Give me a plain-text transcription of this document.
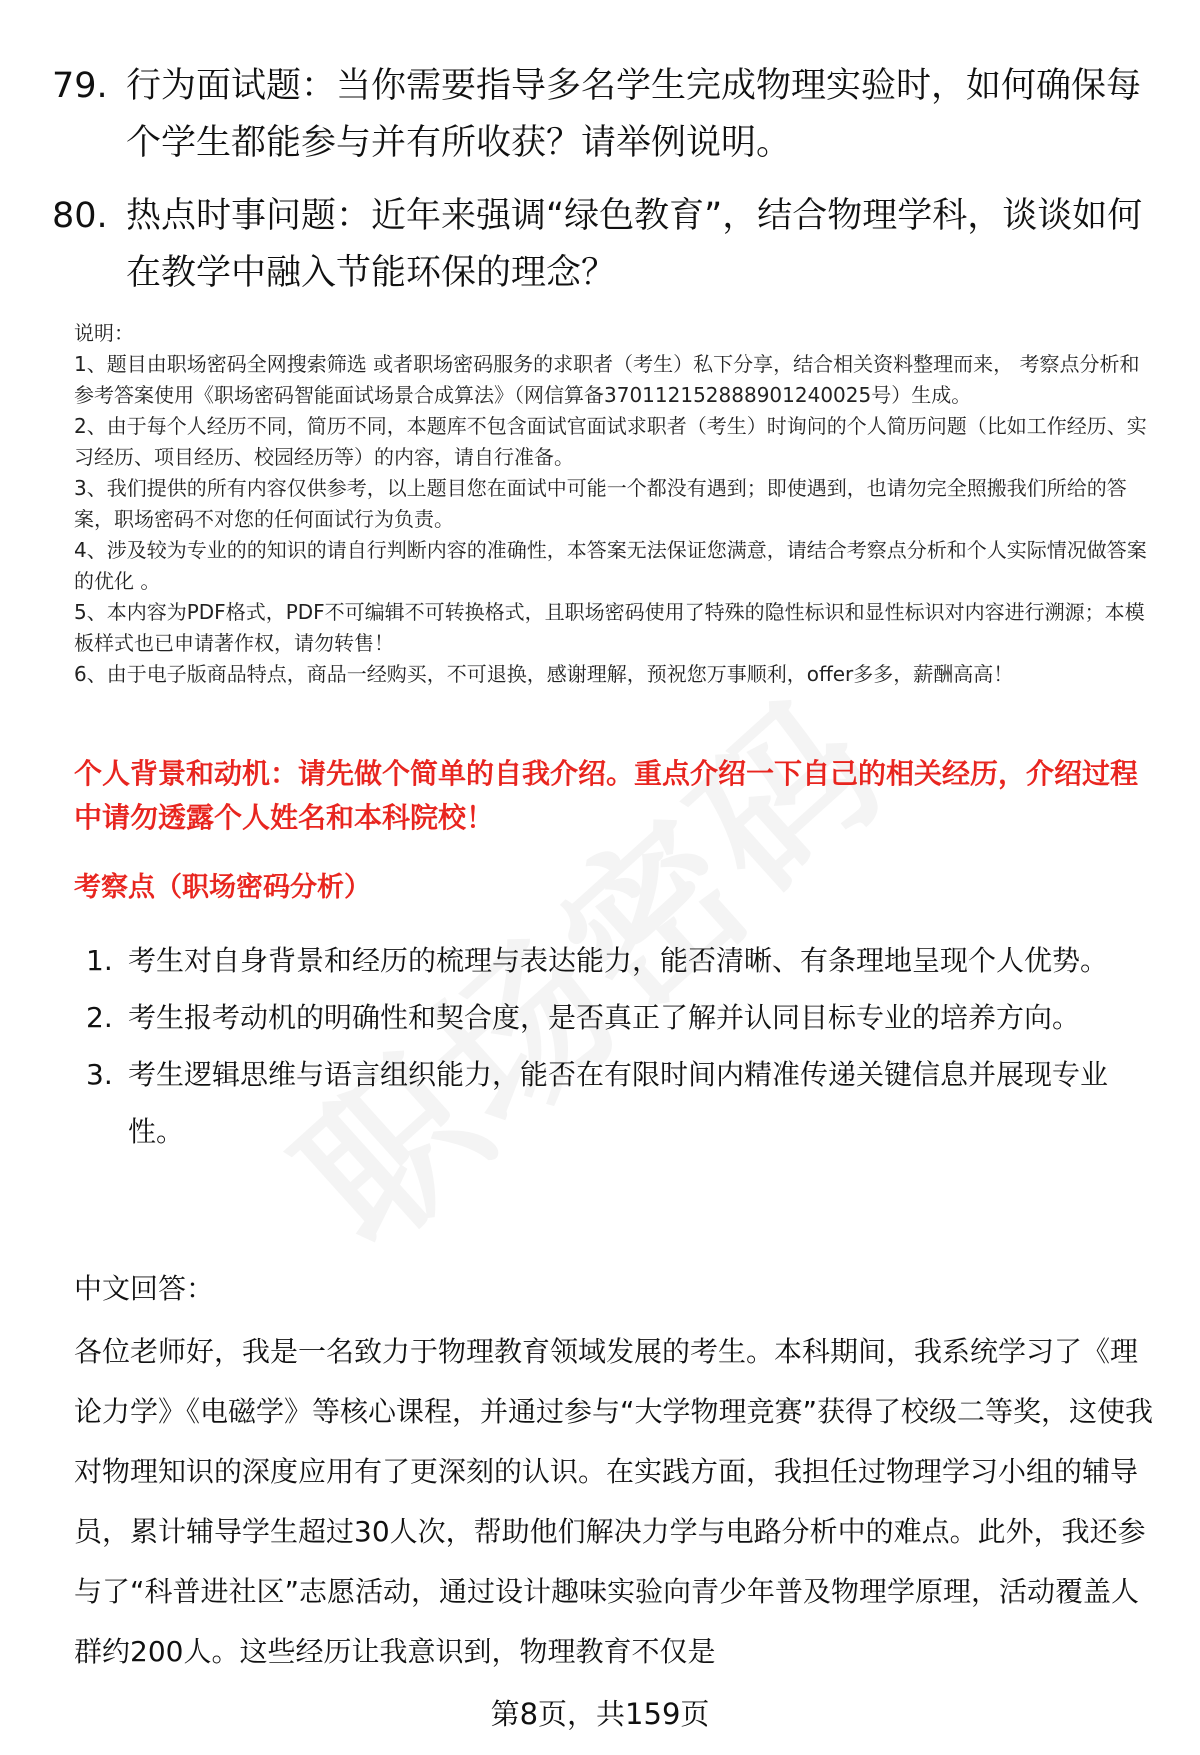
79. 行为面试题：当你需要指导多名学生完成物理实验时，如何确保每个学生都能参与并有所收获？请举例说明。
80. 热点时事问题：近年来强调“绿色教育”，结合物理学科，谈谈如何在教学中融入节能环保的理念？

说明：

1、题目由职场密码全网搜索筛选 或者职场密码服务的求职者（考生）私下分享，结合相关资料整理而来， 考察点分析和参考答案使用《职场密码智能面试场景合成算法》（网信算备370112152888901240025号）生成。

2、由于每个人经历不同，简历不同，本题库不包含面试官面试求职者（考生）时询问的个人简历问题（比如工作经历、实习经历、项目经历、校园经历等）的内容，请自行准备。

3、我们提供的所有内容仅供参考，以上题目您在面试中可能一个都没有遇到；即使遇到，也请勿完全照搬我们所给的答案，职场密码不对您的任何面试行为负责。

4、涉及较为专业的的知识的请自行判断内容的准确性，本答案无法保证您满意，请结合考察点分析和个人实际情况做答案的优化 。

5、本内容为PDF格式，PDF不可编辑不可转换格式，且职场密码使用了特殊的隐性标识和显性标识对内容进行溯源；本模板样式也已申请著作权，请勿转售！

6、由于电子版商品特点，商品一经购买，不可退换，感谢理解，预祝您万事顺利，offer多多，薪酬高高！

个人背景和动机：请先做个简单的自我介绍。重点介绍一下自己的相关经历，介绍过程中请勿透露个人姓名和本科院校！
考察点（职场密码分析）
1. 考生对自身背景和经历的梳理与表达能力，能否清晰、有条理地呈现个人优势。
2. 考生报考动机的明确性和契合度，是否真正了解并认同目标专业的培养方向。
3. 考生逻辑思维与语言组织能力，能否在有限时间内精准传递关键信息并展现专业性。
中文回答：
各位老师好，我是一名致力于物理教育领域发展的考生。本科期间，我系统学习了《理论力学》《电磁学》等核心课程，并通过参与“大学物理竞赛”获得了校级二等奖，这使我对物理知识的深度应用有了更深刻的认识。在实践方面，我担任过物理学习小组的辅导员，累计辅导学生超过30人次，帮助他们解决力学与电路分析中的难点。此外，我还参与了“科普进社区”志愿活动，通过设计趣味实验向青少年普及物理学原理，活动覆盖人群约200人。这些经历让我意识到，物理教育不仅是
第8页，共159页
